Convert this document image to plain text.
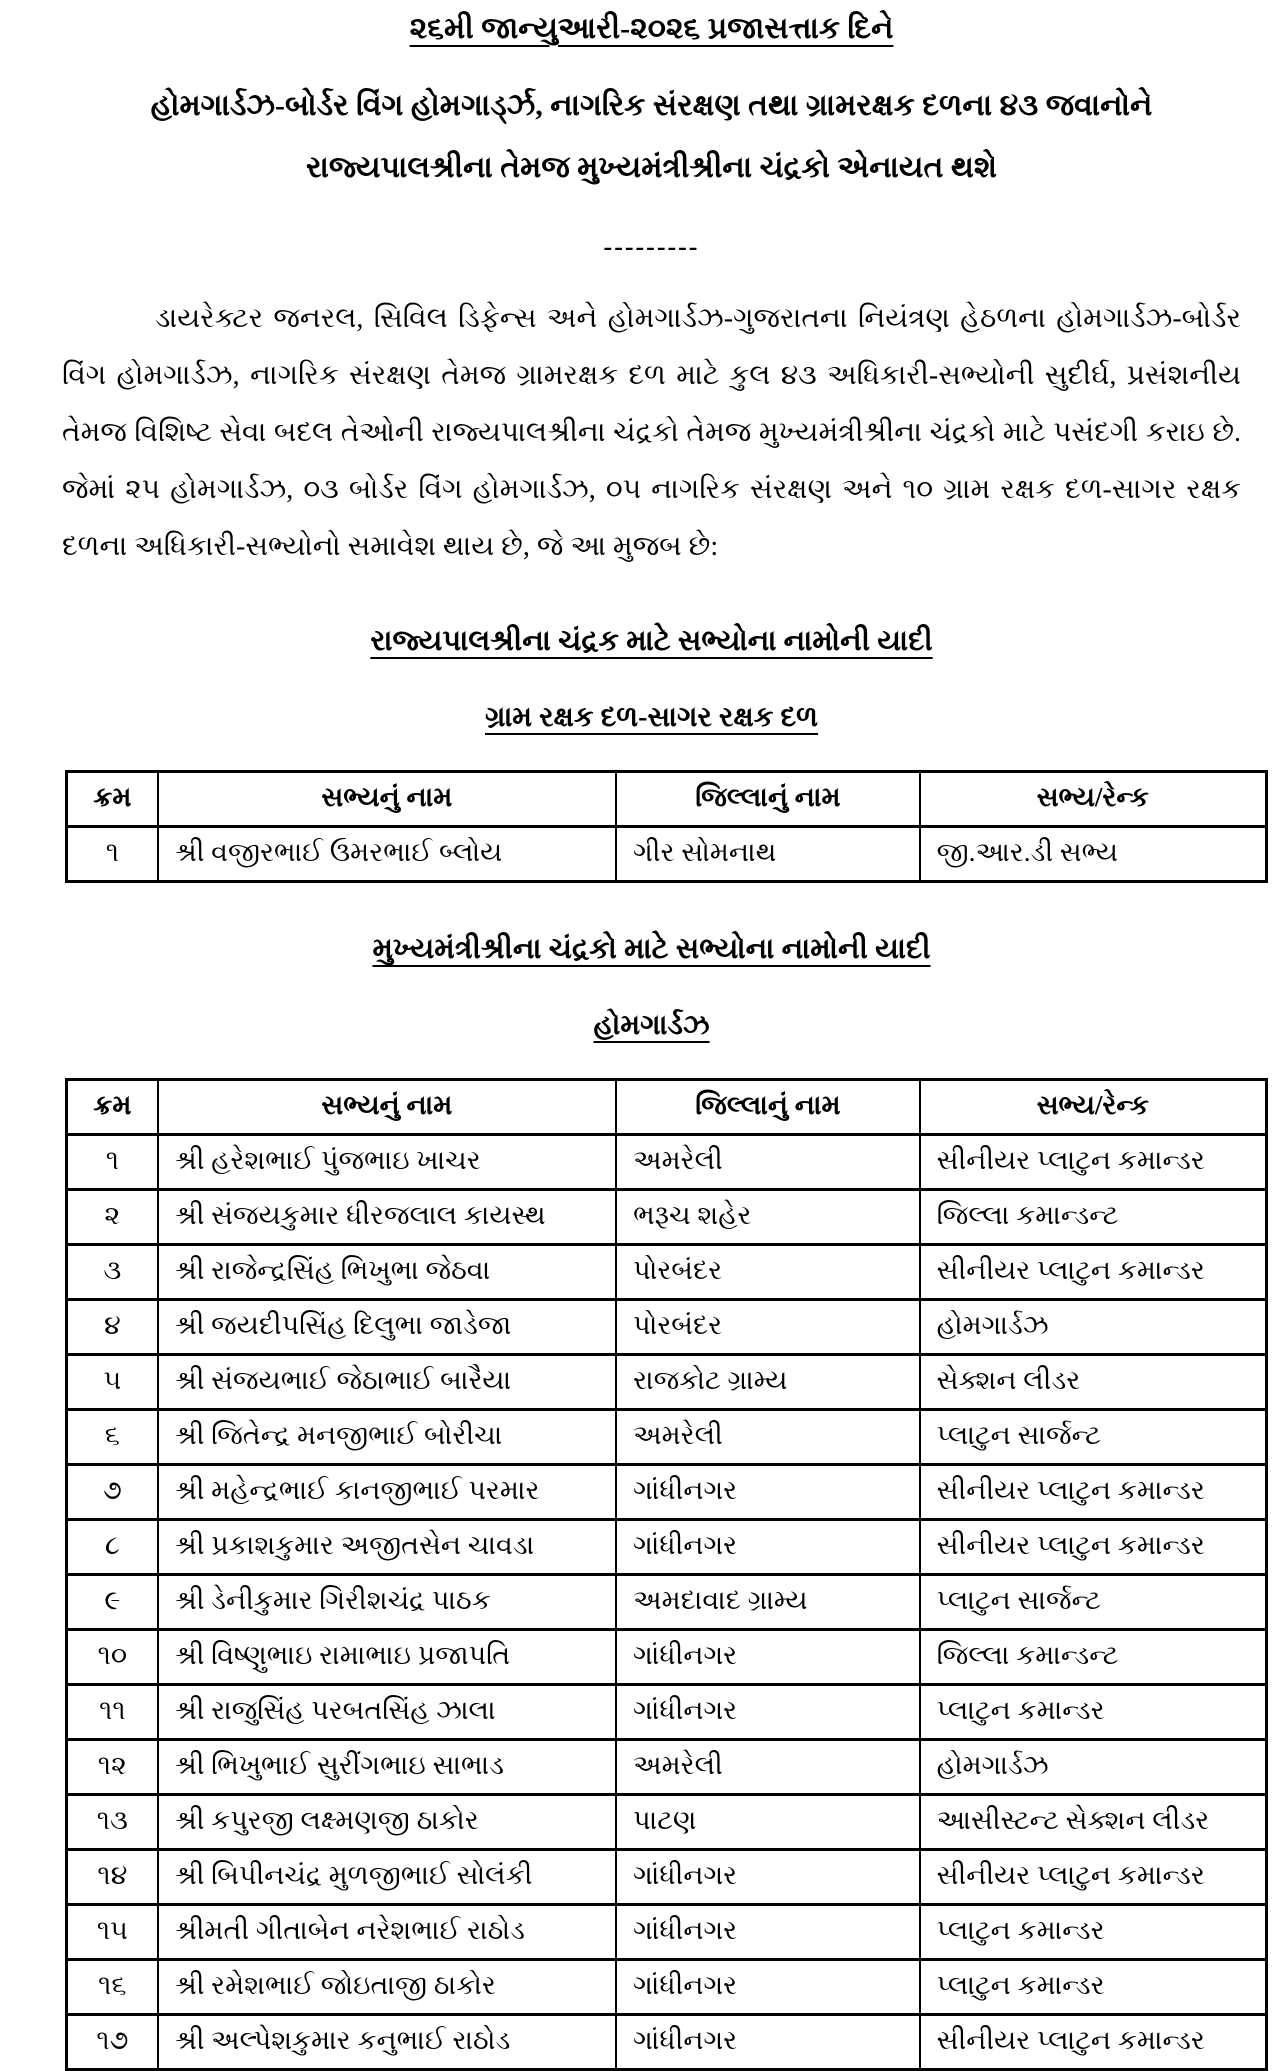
૨૬મી જાન્યુઆરી-૨૦૨૬ પ્રજાસત્તાક દિને
હોમગાર્ડઝ-બોર્ડર વિંગ હોમગાર્ડ્ઝ, નાગરિક સંરક્ષણ તથા ગ્રામરક્ષક દળના ૪૩ જવાનોને
રાજ્યપાલશ્રીના તેમજ મુખ્યમંત્રીશ્રીના ચંદ્રકો એનાયત થશે
---------

ડાયરેક્ટર જનરલ, સિવિલ ડિફેન્સ અને હોમગાર્ડઝ-ગુજરાતના નિયંત્રણ હેઠળના હોમગાર્ડઝ-બોર્ડર વિંગ હોમગાર્ડઝ, નાગરિક સંરક્ષણ તેમજ ગ્રામરક્ષક દળ માટે કુલ ૪૩ અધિકારી-સભ્યોની સુદીર્ઘ, પ્રસંશનીય તેમજ વિશિષ્ટ સેવા બદલ તેઓની રાજ્યપાલશ્રીના ચંદ્રકો તેમજ મુખ્યમંત્રીશ્રીના ચંદ્રકો માટે પસંદગી કરાઇ છે. જેમાં ૨૫ હોમગાર્ડઝ, ૦૩ બોર્ડર વિંગ હોમગાર્ડઝ, ૦૫ નાગરિક સંરક્ષણ અને ૧૦ ગ્રામ રક્ષક દળ-સાગર રક્ષક દળના અધિકારી-સભ્યોનો સમાવેશ થાય છે, જે આ મુજબ છે:

રાજ્યપાલશ્રીના ચંદ્રક માટે સભ્યોના નામોની યાદી
ગ્રામ રક્ષક દળ-સાગર રક્ષક દળ
ક્રમ	સભ્યનું નામ	જિલ્લાનું નામ	સભ્ય/રેન્ક
૧	શ્રી વજીરભાઈ ઉમરભાઈ બ્લોય	ગીર સોમનાથ	જી.આર.ડી સભ્ય
મુખ્યમંત્રીશ્રીના ચંદ્રકો માટે સભ્યોના નામોની યાદી
હોમગાર્ડઝ
ક્રમ	સભ્યનું નામ	જિલ્લાનું નામ	સભ્ય/રેન્ક
૧	શ્રી હરેશભાઈ પુંજભાઇ ખાચર	અમરેલી	સીનીયર પ્લાટુન કમાન્ડર
૨	શ્રી સંજયકુમાર ધીરજલાલ કાયસ્થ	ભરૂચ શહેર	જિલ્લા કમાન્ડન્ટ
૩	શ્રી રાજેન્દ્રસિંહ ભિખુભા જેઠવા	પોરબંદર	સીનીયર પ્લાટુન કમાન્ડર
૪	શ્રી જયદીપસિંહ દિલુભા જાડેજા	પોરબંદર	હોમગાર્ડઝ
૫	શ્રી સંજયભાઈ જેઠાભાઈ બારૈયા	રાજકોટ ગ્રામ્ય	સેક્શન લીડર
૬	શ્રી જિતેન્દ્ર મનજીભાઈ બોરીચા	અમરેલી	પ્લાટુન સાર્જન્ટ
૭	શ્રી મહેન્દ્રભાઈ કાનજીભાઈ પરમાર	ગાંધીનગર	સીનીયર પ્લાટુન કમાન્ડર
૮	શ્રી પ્રકાશકુમાર અજીતસેન ચાવડા	ગાંધીનગર	સીનીયર પ્લાટુન કમાન્ડર
૯	શ્રી ડેનીકુમાર ગિરીશચંદ્ર પાઠક	અમદાવાદ ગ્રામ્ય	પ્લાટુન સાર્જન્ટ
૧૦	શ્રી વિષ્ણુભાઇ રામાભાઇ પ્રજાપતિ	ગાંધીનગર	જિલ્લા કમાન્ડન્ટ
૧૧	શ્રી રાજુસિંહ પરબતસિંહ ઝાલા	ગાંધીનગર	પ્લાટુન કમાન્ડર
૧૨	શ્રી ભિખુભાઈ સુરીંગભાઇ સાભાડ	અમરેલી	હોમગાર્ડઝ
૧૩	શ્રી કપુરજી લક્ષ્મણજી ઠાકોર	પાટણ	આસીસ્ટન્ટ સેક્શન લીડર
૧૪	શ્રી બિપીનચંદ્ર મુળજીભાઈ સોલંકી	ગાંધીનગર	સીનીયર પ્લાટુન કમાન્ડર
૧૫	શ્રીમતી ગીતાબેન નરેશભાઈ રાઠોડ	ગાંધીનગર	પ્લાટુન કમાન્ડર
૧૬	શ્રી રમેશભાઈ જોઇતાજી ઠાકોર	ગાંધીનગર	પ્લાટુન કમાન્ડર
૧૭	શ્રી અલ્પેશકુમાર કનુભાઈ રાઠોડ	ગાંધીનગર	સીનીયર પ્લાટુન કમાન્ડર
